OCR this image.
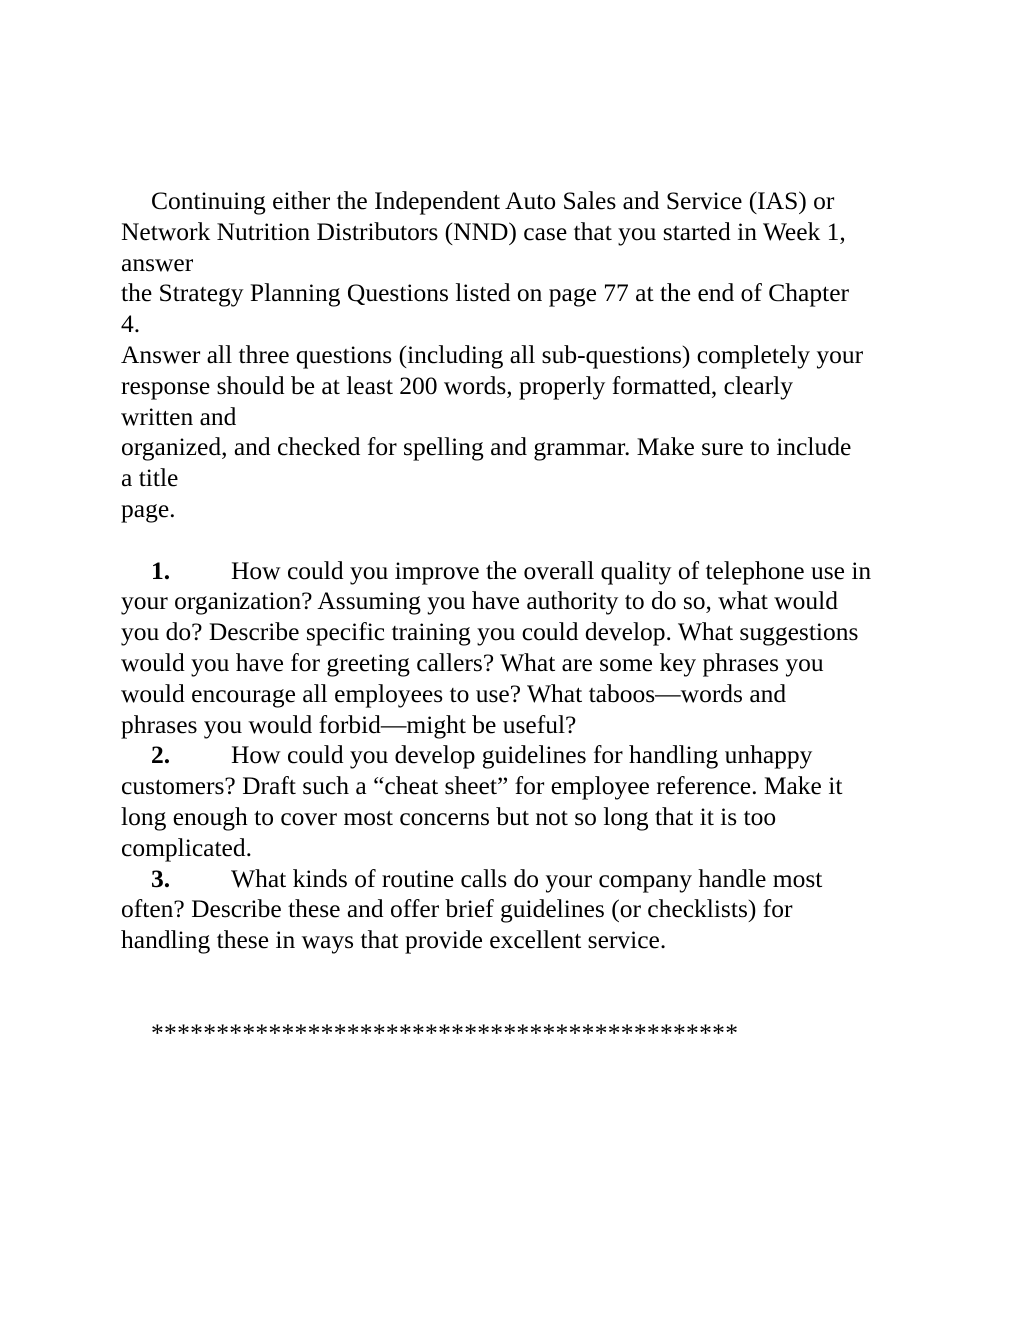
Continuing either the Independent Auto Sales and Service (IAS) or
Network Nutrition Distributors (NND) case that you started in Week 1,
answer
the Strategy Planning Questions listed on page 77 at the end of Chapter
4.
Answer all three questions (including all sub-questions) completely your
response should be at least 200 words, properly formatted, clearly
written and
organized, and checked for spelling and grammar. Make sure to include
a title
page.
1. How could you improve the overall quality of telephone use in
your organization? Assuming you have authority to do so, what would
you do? Describe specific training you could develop. What suggestions
would you have for greeting callers? What are some key phrases you
would encourage all employees to use? What taboos—words and
phrases you would forbid—might be useful?
2. How could you develop guidelines for handling unhappy
customers? Draft such a “cheat sheet” for employee reference. Make it
long enough to cover most concerns but not so long that it is too
complicated.
3. What kinds of routine calls do your company handle most
often? Describe these and offer brief guidelines (or checklists) for
handling these in ways that provide excellent service.
*********************************************
